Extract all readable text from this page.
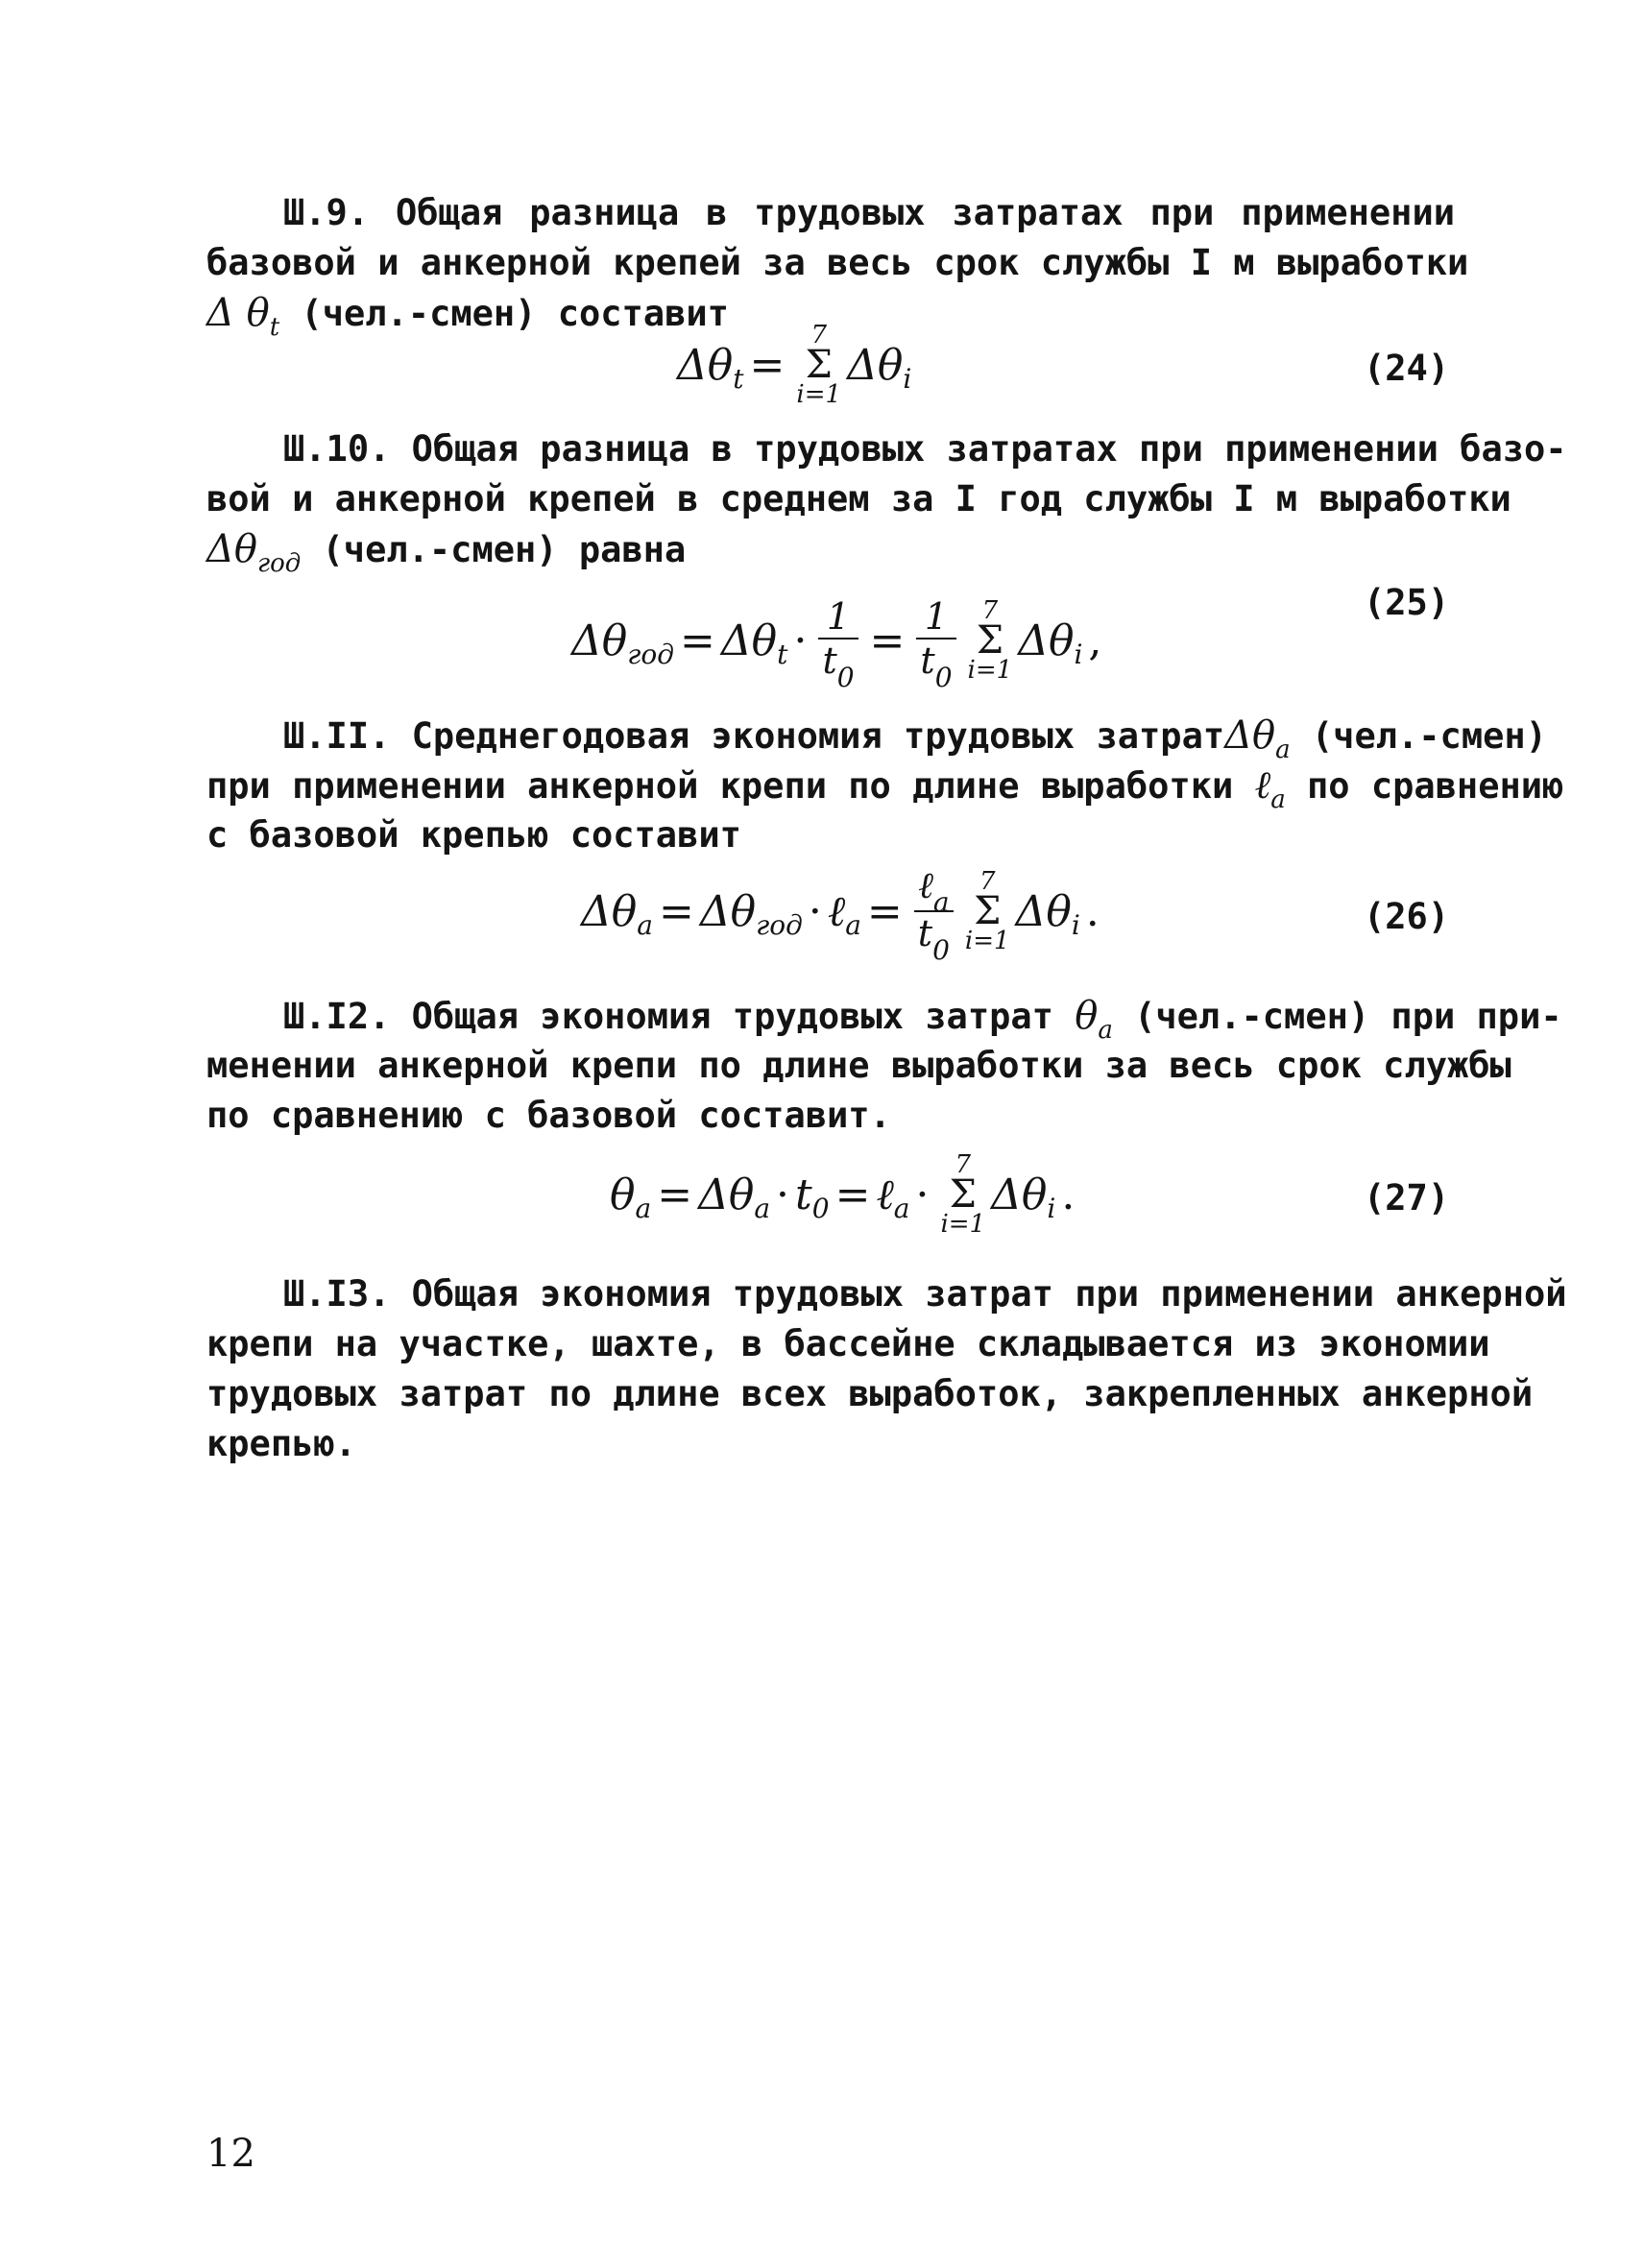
Ш.9. Общая разница в трудовых затратах при применении
базовой и анкерной крепей за весь срок службы I м выработки
Δ $\theta_t$ (чел.-смен) составит
Δθ t =
7
Σ
i=1
Δθ i	(24)
Ш.10. Общая разница в трудовых затратах при применении базо-
вой и анкерной крепей в среднем за I год службы I м выработки
$\Delta\theta_{год}$ (чел.-смен) равна
Δθ год = Δθ $t \cdot \frac{1}{t_0} = \frac{1}{t_0} 7$
Σ
i=1
Δθ i ,
(25)
Ш.II. Среднегодовая экономия трудовых затратΔθ$_a$ (чел.-смен)
при применении анкерной крепи по длине выработки ℓ$_a$ по сравнению
с базовой крепью составит
Δθ a = Δθ год · ℓ $a = \frac{\ell_a}{t_0} 7$
Σ
i=1
Δθ i .	(26)
Ш.I2. Общая экономия трудовых затрат $\theta_a$ (чел.-смен) при при-
менении анкерной крепи по длине выработки за весь срок службы
по сравнению с базовой составит.
θ a = Δθ a · t 0 = ℓ a ·
7
Σ
i=1
Δθ i .	(27)
Ш.I3. Общая экономия трудовых затрат при применении анкерной
крепи на участке, шахте, в бассейне складывается из экономии
трудовых затрат по длине всех выработок, закрепленных анкерной
крепью.
12
